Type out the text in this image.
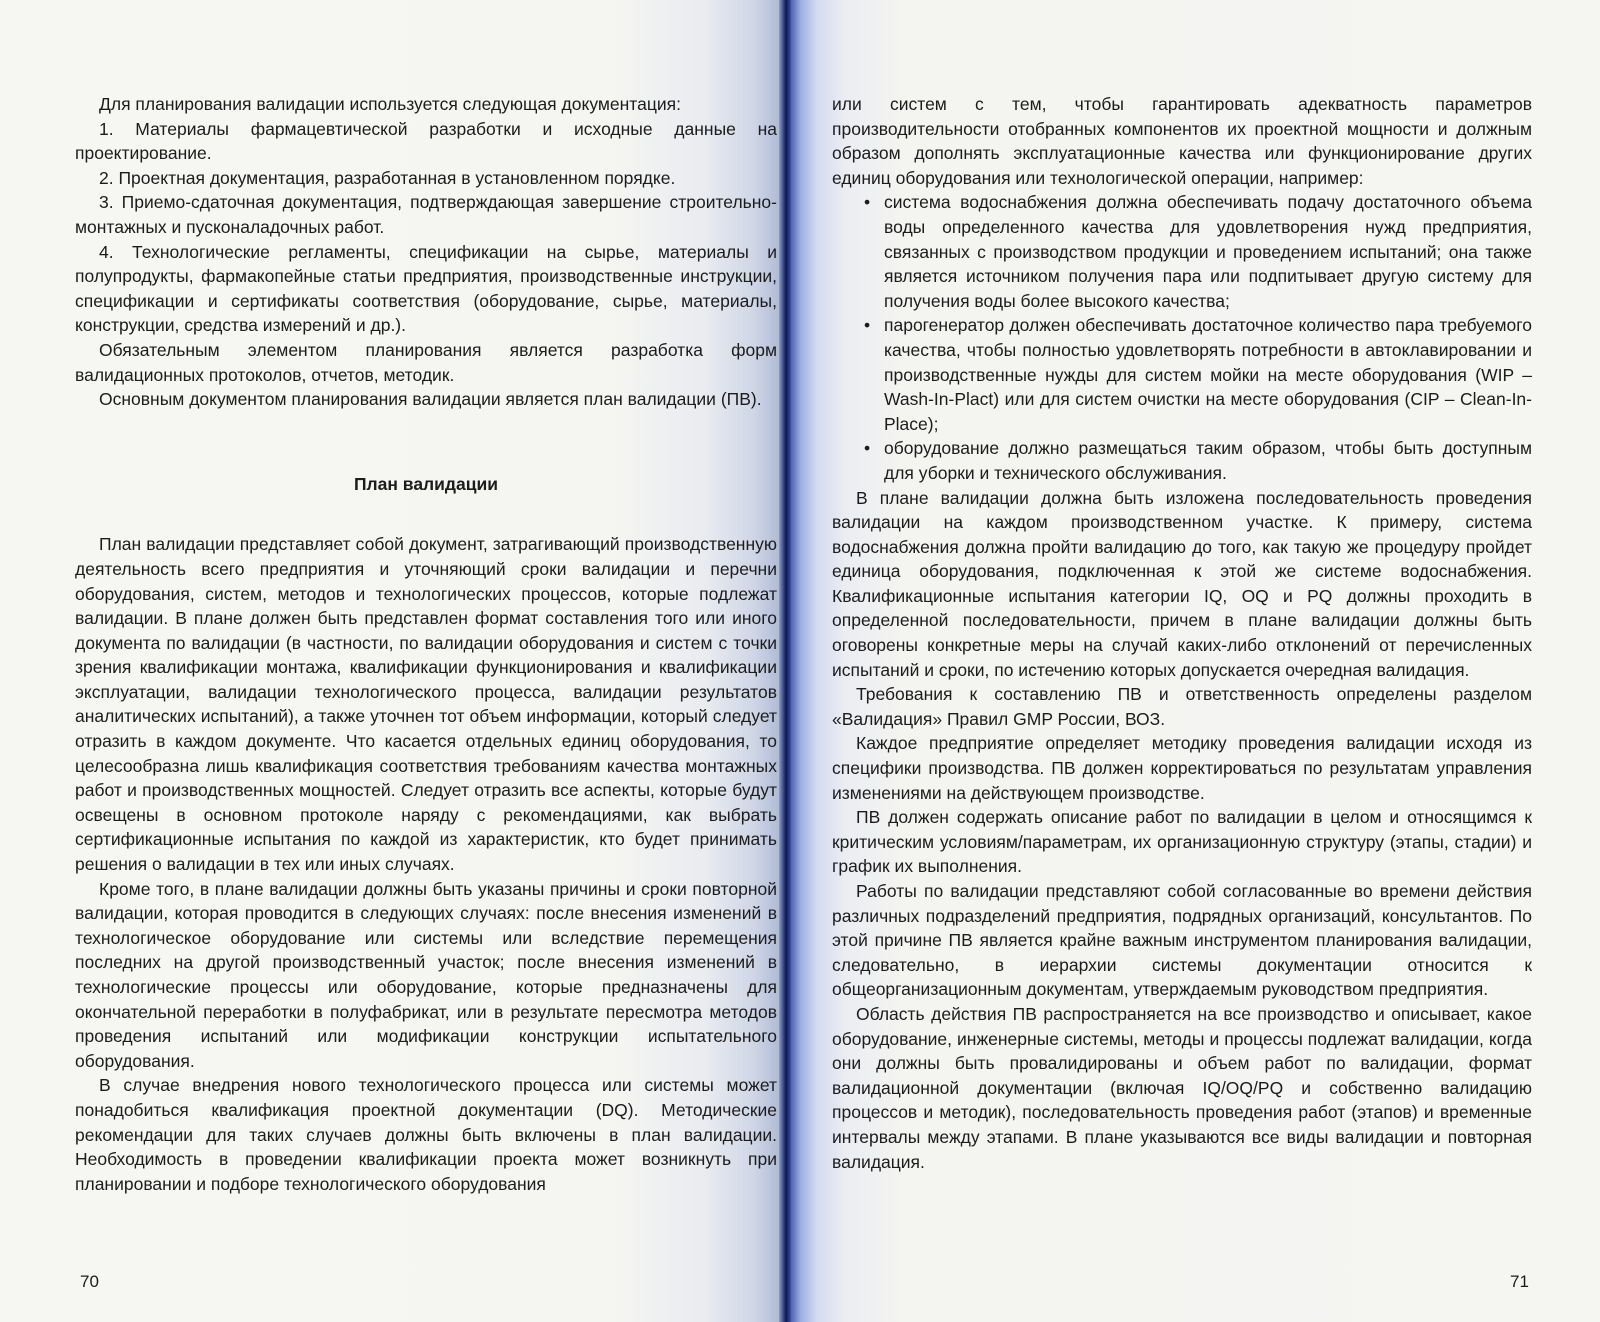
Для планирования валидации используется следующая документация:

1. Материалы фармацевтической разработки и исходные данные на проектирование.

2. Проектная документация, разработанная в установленном порядке.

3. Приемо-сдаточная документация, подтверждающая завершение строительно-монтажных и пусконаладочных работ.

4. Технологические регламенты, спецификации на сырье, материалы и полупродукты, фармакопейные статьи предприятия, производственные инструкции, спецификации и сертификаты соответствия (оборудование, сырье, материалы, конструкции, средства измерений и др.).

Обязательным элементом планирования является разработка форм валидационных протоколов, отчетов, методик.

Основным документом планирования валидации является план валидации (ПВ).

План валидации

План валидации представляет собой документ, затрагивающий производственную деятельность всего предприятия и уточняющий сроки валидации и перечни оборудования, систем, методов и технологических процессов, которые подлежат валидации. В плане должен быть представлен формат составления того или иного документа по валидации (в частности, по валидации оборудования и систем с точки зрения квалификации монтажа, квалификации функционирования и квалификации эксплуатации, валидации технологического процесса, валидации результатов аналитических испытаний), а также уточнен тот объем информации, который следует отразить в каждом документе. Что касается отдельных единиц оборудования, то целесообразна лишь квалификация соответствия требованиям качества монтажных работ и производственных мощностей. Следует отразить все аспекты, которые будут освещены в основном протоколе наряду с рекомендациями, как выбрать сертификационные испытания по каждой из характеристик, кто будет принимать решения о валидации в тех или иных случаях.

Кроме того, в плане валидации должны быть указаны причины и сроки повторной валидации, которая проводится в следующих случаях: после внесения изменений в технологическое оборудование или системы или вследствие перемещения последних на другой производственный участок; после внесения изменений в технологические процессы или оборудование, которые предназначены для окончательной переработки в полуфабрикат, или в результате пересмотра методов проведения испытаний или модификации конструкции испытательного оборудования.

В случае внедрения нового технологического процесса или системы может понадобиться квалификация проектной документации (DQ). Методические рекомендации для таких случаев должны быть включены в план валидации. Необходимость в проведении квалификации проекта может возникнуть при планировании и подборе технологического оборудования

70

или систем с тем, чтобы гарантировать адекватность параметров производительности отобранных компонентов их проектной мощности и должным образом дополнять эксплуатационные качества или функционирование других единиц оборудования или технологической операции, например:

• система водоснабжения должна обеспечивать подачу достаточного объема воды определенного качества для удовлетворения нужд предприятия, связанных с производством продукции и проведением испытаний; она также является источником получения пара или подпитывает другую систему для получения воды более высокого качества;
• парогенератор должен обеспечивать достаточное количество пара требуемого качества, чтобы полностью удовлетворять потребности в автоклавировании и производственные нужды для систем мойки на месте оборудования (WIP – Wash-In-Plact) или для систем очистки на месте оборудования (CIP – Clean-In-Place);
• оборудование должно размещаться таким образом, чтобы быть доступным для уборки и технического обслуживания.

В плане валидации должна быть изложена последовательность проведения валидации на каждом производственном участке. К примеру, система водоснабжения должна пройти валидацию до того, как такую же процедуру пройдет единица оборудования, подключенная к этой же системе водоснабжения. Квалификационные испытания категории IQ, OQ и PQ должны проходить в определенной последовательности, причем в плане валидации должны быть оговорены конкретные меры на случай каких-либо отклонений от перечисленных испытаний и сроки, по истечению которых допускается очередная валидация.

Требования к составлению ПВ и ответственность определены разделом «Валидация» Правил GMP России, ВОЗ.

Каждое предприятие определяет методику проведения валидации исходя из специфики производства. ПВ должен корректироваться по результатам управления изменениями на действующем производстве.

ПВ должен содержать описание работ по валидации в целом и относящимся к критическим условиям/параметрам, их организационную структуру (этапы, стадии) и график их выполнения.

Работы по валидации представляют собой согласованные во времени действия различных подразделений предприятия, подрядных организаций, консультантов. По этой причине ПВ является крайне важным инструментом планирования валидации, следовательно, в иерархии системы документации относится к общеорганизационным документам, утверждаемым руководством предприятия.

Область действия ПВ распространяется на все производство и описывает, какое оборудование, инженерные системы, методы и процессы подлежат валидации, когда они должны быть провалидированы и объем работ по валидации, формат валидационной документации (включая IQ/OQ/PQ и собственно валидацию процессов и методик), последовательность проведения работ (этапов) и временные интервалы между этапами. В плане указываются все виды валидации и повторная валидация.

71
